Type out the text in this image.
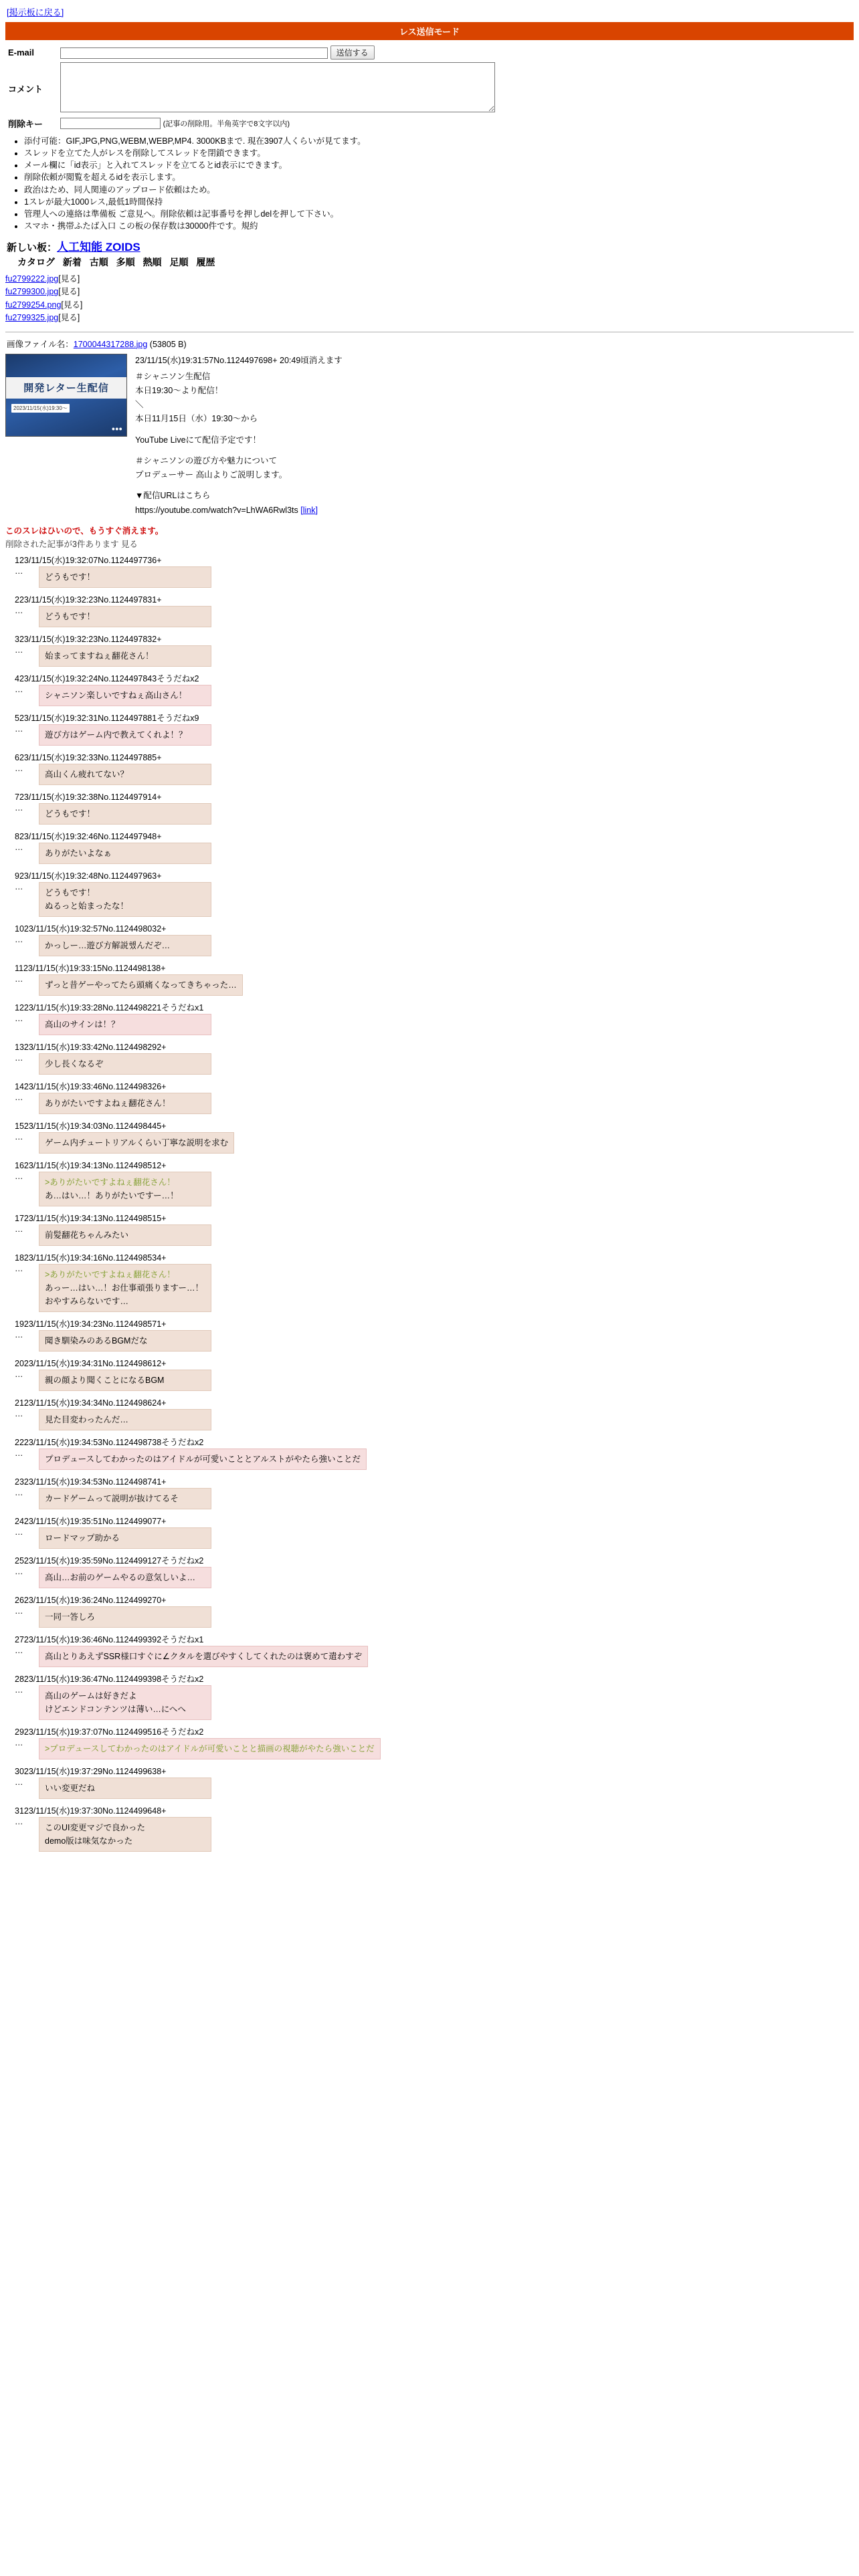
[掲示板に戻る]
レス送信モード
E-mail	送信する
コメント	
削除キー	(記事の削除用。半角英字で8文字以内)
• 添付可能：GIF,JPG,PNG,WEBM,WEBP,MP4. 3000KBまで. 現在3907人くらいが見てます。
• スレッドを立てた人がレスを削除してスレッドを閉鎖できます。
• メール欄に「id表示」と入れてスレッドを立てるとid表示にできます。
• 削除依頼が閲覧を超えるidを表示します。
• 政治はため、同人関連のアップロード依頼はため。
• 1スレが最大1000レス,最低1時間保持
• 管理人への連絡は準備板 ご意見へ。削除依頼は記事番号を押しdelを押して下さい。
• スマホ・携帯ふたば入口 この板の保存数は30000件です。規約
新しい板：人工知能 ZOIDS
カタログ 新着 古順 多順 熱順 足順 履歴
fu2799222.jpg[見る]
fu2799300.jpg[見る]
fu2799254.png[見る]
fu2799325.jpg[見る]
画像ファイル名：1700044317288.jpg (53805 B)
開発レター生配信
2023/11/15(水)19:30〜
●●●
23/11/15(水)19:31:57No.1124497698+ 20:49頃消えます
＃シャニソン生配信
本日19:30〜より配信！
＼
本日11月15日（水）19:30〜から
YouTube Liveにて配信予定です！
＃シャニソンの遊び方や魅力について
プロデューサー 高山よりご説明します。
▼配信URLはこちら
https://youtube.com/watch?v=LhWA6Rwl3ts [link]
このスレはひいので、もうすぐ消えます。
削除された記事が3件あります 見る
123/11/15(水)19:32:07No.1124497736+
…
どうもです！
223/11/15(水)19:32:23No.1124497831+
…
どうもです！
323/11/15(水)19:32:23No.1124497832+
…
始まってますねぇ翻花さん！
423/11/15(水)19:32:24No.1124497843そうだねx2
…
シャニソン楽しいですねぇ高山さん！
523/11/15(水)19:32:31No.1124497881そうだねx9
…
遊び方はゲーム内で教えてくれよ！？
623/11/15(水)19:32:33No.1124497885+
…
高山くん疲れてない？
723/11/15(水)19:32:38No.1124497914+
…
どうもです！
823/11/15(水)19:32:46No.1124497948+
…
ありがたいよなぁ
923/11/15(水)19:32:48No.1124497963+
…
どうもです！
ぬるっと始まったな！
1023/11/15(水)19:32:57No.1124498032+
…
かっしー…遊び方解説했んだぞ…
1123/11/15(水)19:33:15No.1124498138+
…
ずっと昔ゲーやってたら頭痛くなってきちゃった…
1223/11/15(水)19:33:28No.1124498221そうだねx1
…
高山のサインは！？
1323/11/15(水)19:33:42No.1124498292+
…
少し長くなるぞ
1423/11/15(水)19:33:46No.1124498326+
…
ありがたいですよねぇ翻花さん！
1523/11/15(水)19:34:03No.1124498445+
…
ゲーム内チュートリアルくらい丁寧な説明を求む
1623/11/15(水)19:34:13No.1124498512+
…
>ありがたいですよねぇ翻花さん！
あ…はい…！ありがたいですー…！
1723/11/15(水)19:34:13No.1124498515+
…
前髪翻花ちゃんみたい
1823/11/15(水)19:34:16No.1124498534+
…
>ありがたいですよねぇ翻花さん！
あっー…はい…！お仕事頑張りますー…！
おやすみらないです…
1923/11/15(水)19:34:23No.1124498571+
…
聞き馴染みのあるBGMだな
2023/11/15(水)19:34:31No.1124498612+
…
親の顔より聞くことになるBGM
2123/11/15(水)19:34:34No.1124498624+
…
見た目変わったんだ…
2223/11/15(水)19:34:53No.1124498738そうだねx2
…
プロデュースしてわかったのはアイドルが可愛いこととアルストがやたら強いことだ
2323/11/15(水)19:34:53No.1124498741+
…
カードゲームって説明が抜けてるそ
2423/11/15(水)19:35:51No.1124499077+
…
ロードマップ助かる
2523/11/15(水)19:35:59No.1124499127そうだねx2
…
高山…お前のゲームやるの意気しいよ…
2623/11/15(水)19:36:24No.1124499270+
…
一同一答しろ
2723/11/15(水)19:36:46No.1124499392そうだねx1
…
高山とりあえずSSR様口すぐに∠クタルを選びやすくしてくれたのは褒めて遣わすぞ
2823/11/15(水)19:36:47No.1124499398そうだねx2
…
高山のゲームは好きだよ
けどエンドコンテンツは薄い…にへへ
2923/11/15(水)19:37:07No.1124499516そうだねx2
…
>プロデュースしてわかったのはアイドルが可愛いことと描画の視聴がやたら強いことだ
3023/11/15(水)19:37:29No.1124499638+
…
いい変更だね
3123/11/15(水)19:37:30No.1124499648+
…
このUI変更マジで良かった
demo版は味気なかった
